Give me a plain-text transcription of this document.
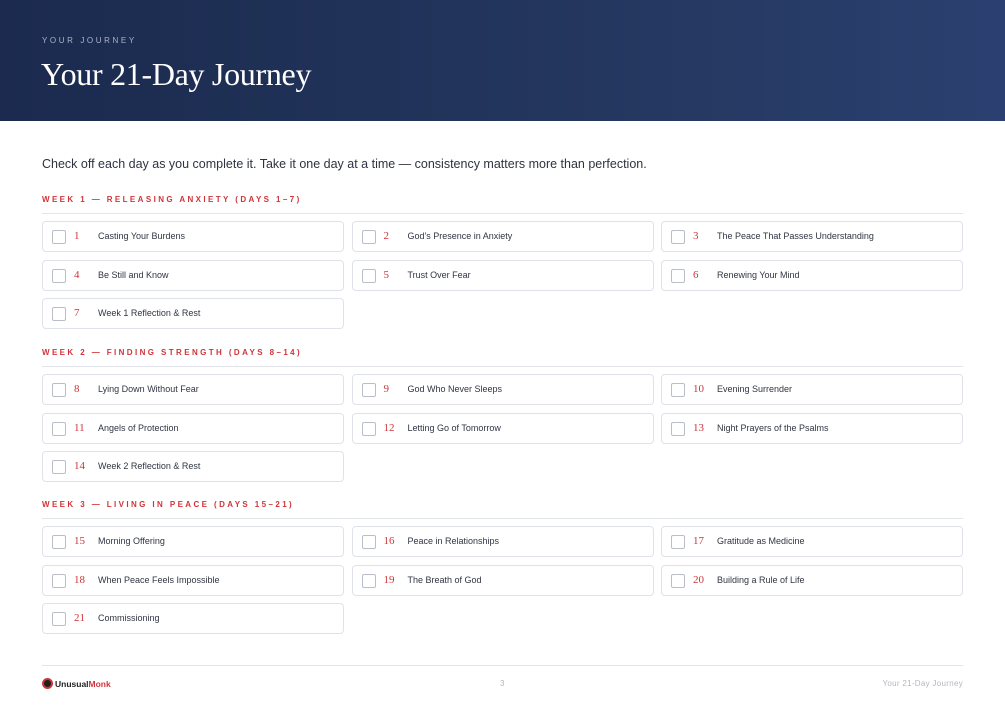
YOUR JOURNEY
Your 21-Day Journey

Check off each day as you complete it. Take it one day at a time — consistency matters more than perfection.

WEEK 1 — RELEASING ANXIETY (DAYS 1–7)
1	Casting Your Burdens	2	God's Presence in Anxiety	3	The Peace That Passes Understanding
4	Be Still and Know	5	Trust Over Fear	6	Renewing Your Mind
7	Week 1 Reflection & Rest
WEEK 2 — FINDING STRENGTH (DAYS 8–14)
8	Lying Down Without Fear	9	God Who Never Sleeps	10	Evening Surrender
11	Angels of Protection	12	Letting Go of Tomorrow	13	Night Prayers of the Psalms
14	Week 2 Reflection & Rest
WEEK 3 — LIVING IN PEACE (DAYS 15–21)
15	Morning Offering	16	Peace in Relationships	17	Gratitude as Medicine
18	When Peace Feels Impossible	19	The Breath of God	20	Building a Rule of Life
21	Commissioning
UnusualMonk	3	Your 21-Day Journey
